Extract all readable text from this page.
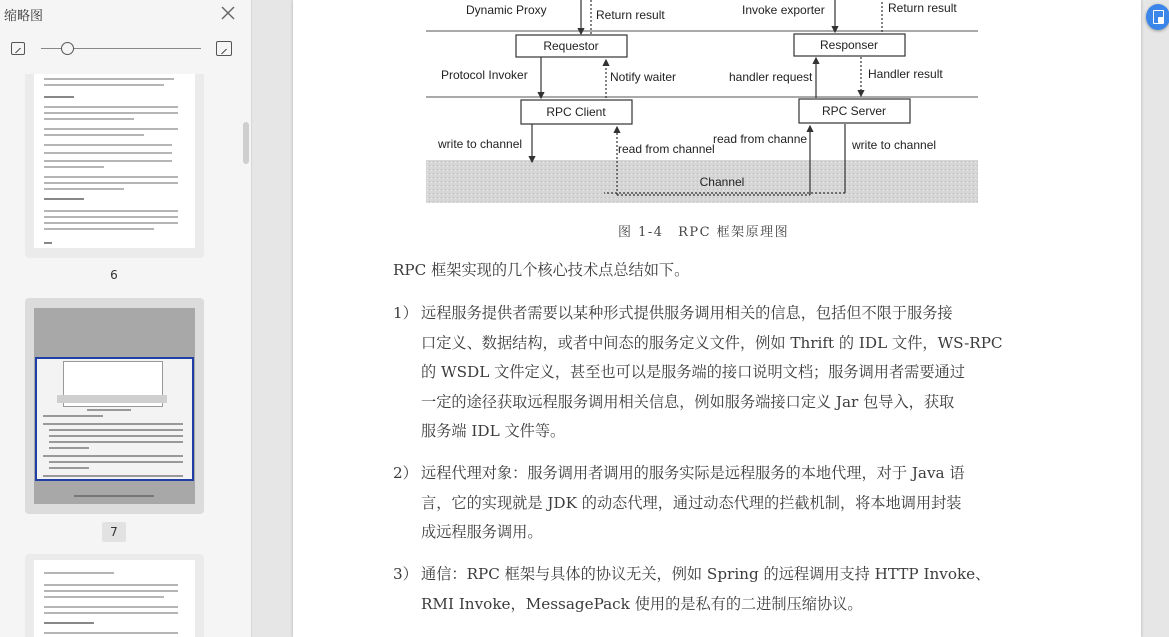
缩略图
6
7
Dynamic Proxy	Return result	Invoke exporter	Return result
Requestor	Responser
Protocol Invoker	Notify waiter	handler request	Handler result
RPC Client	RPC Server
Channel
write to channel	read from channel
read from channe	write to channel
图 1-4　RPC 框架原理图
RPC 框架实现的几个核心技术点总结如下。
1） 远程服务提供者需要以某种形式提供服务调用相关的信息，包括但不限于服务接
口定义、数据结构，或者中间态的服务定义文件，例如 Thrift 的 IDL 文件，WS-RPC
的 WSDL 文件定义，甚至也可以是服务端的接口说明文档；服务调用者需要通过
一定的途径获取远程服务调用相关信息，例如服务端接口定义 Jar 包导入，获取
服务端 IDL 文件等。
2） 远程代理对象：服务调用者调用的服务实际是远程服务的本地代理，对于 Java 语
言，它的实现就是 JDK 的动态代理，通过动态代理的拦截机制，将本地调用封装
成远程服务调用。
3） 通信：RPC 框架与具体的协议无关，例如 Spring 的远程调用支持 HTTP Invoke、
RMI Invoke，MessagePack 使用的是私有的二进制压缩协议。
